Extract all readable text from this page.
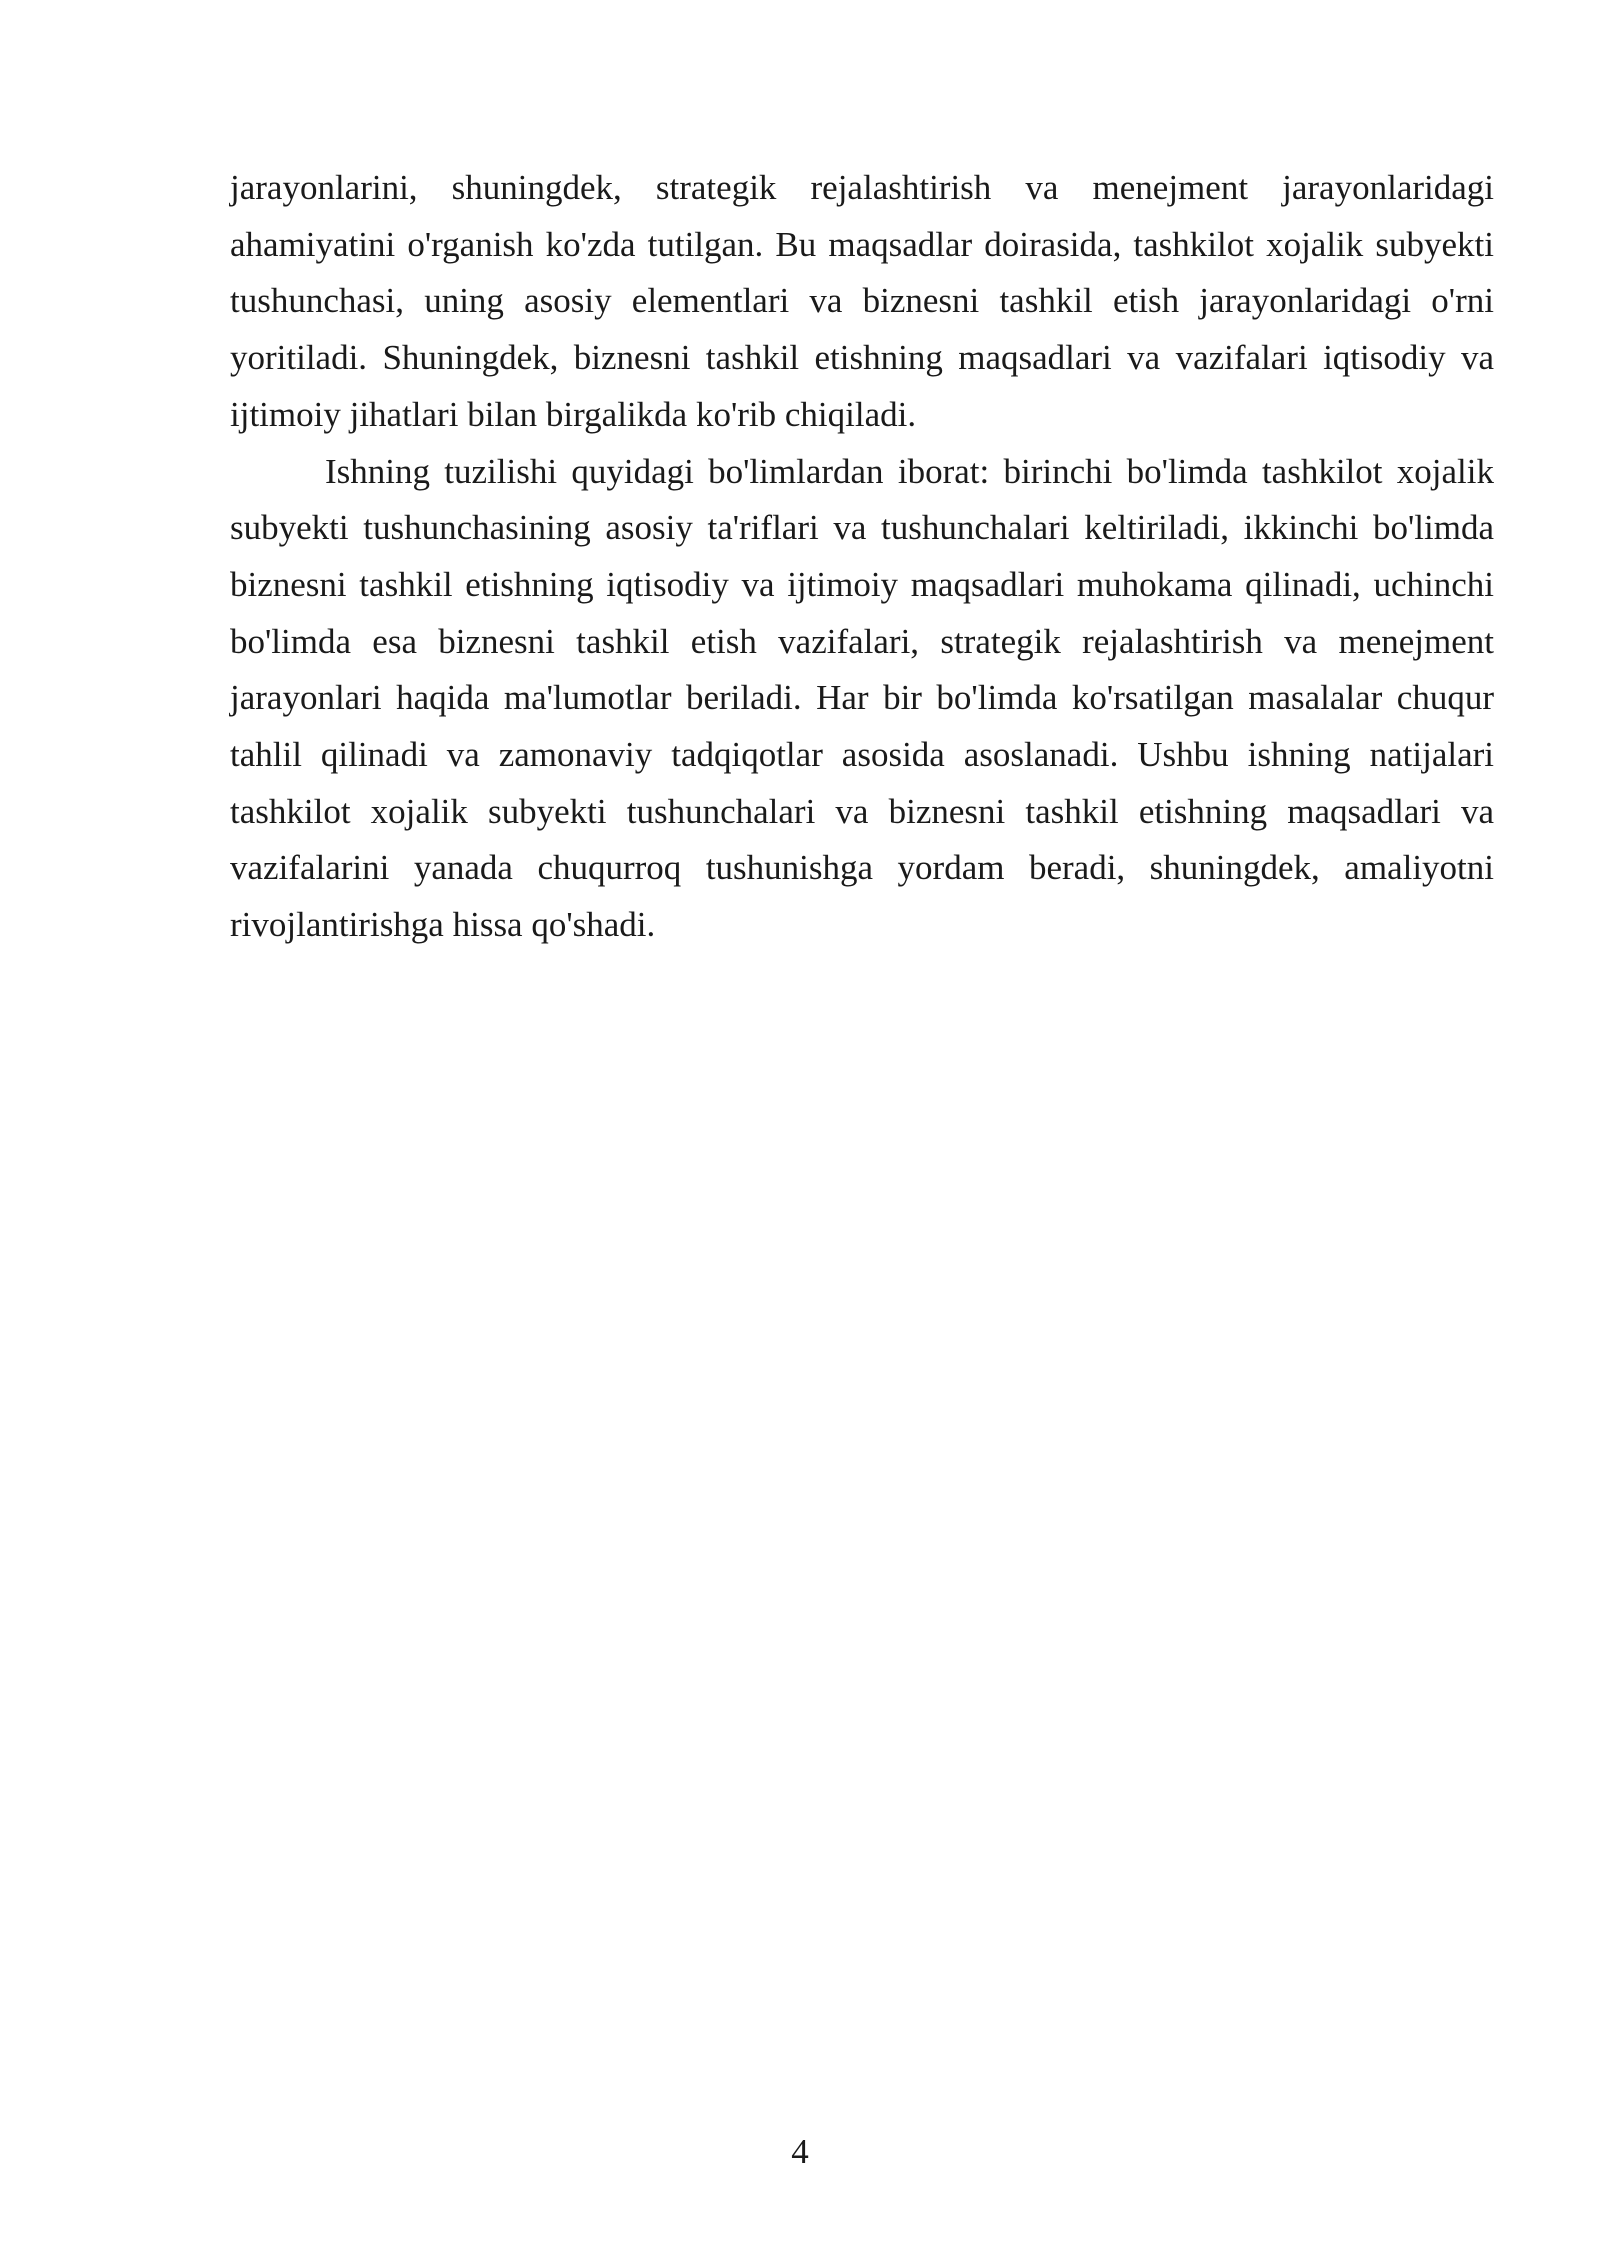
jarayonlarini, shuningdek, strategik rejalashtirish va menejment jarayonlaridagi ahamiyatini o'rganish ko'zda tutilgan. Bu maqsadlar doirasida, tashkilot xojalik subyekti tushunchasi, uning asosiy elementlari va biznesni tashkil etish jarayonlaridagi o'rni yoritiladi. Shuningdek, biznesni tashkil etishning maqsadlari va vazifalari iqtisodiy va ijtimoiy jihatlari bilan birgalikda ko'rib chiqiladi.

Ishning tuzilishi quyidagi bo'limlardan iborat: birinchi bo'limda tashkilot xojalik subyekti tushunchasining asosiy ta'riflari va tushunchalari keltiriladi, ikkinchi bo'limda biznesni tashkil etishning iqtisodiy va ijtimoiy maqsadlari muhokama qilinadi, uchinchi bo'limda esa biznesni tashkil etish vazifalari, strategik rejalashtirish va menejment jarayonlari haqida ma'lumotlar beriladi. Har bir bo'limda ko'rsatilgan masalalar chuqur tahlil qilinadi va zamonaviy tadqiqotlar asosida asoslanadi. Ushbu ishning natijalari tashkilot xojalik subyekti tushunchalari va biznesni tashkil etishning maqsadlari va vazifalarini yanada chuqurroq tushunishga yordam beradi, shuningdek, amaliyotni rivojlantirishga hissa qo'shadi.

4
